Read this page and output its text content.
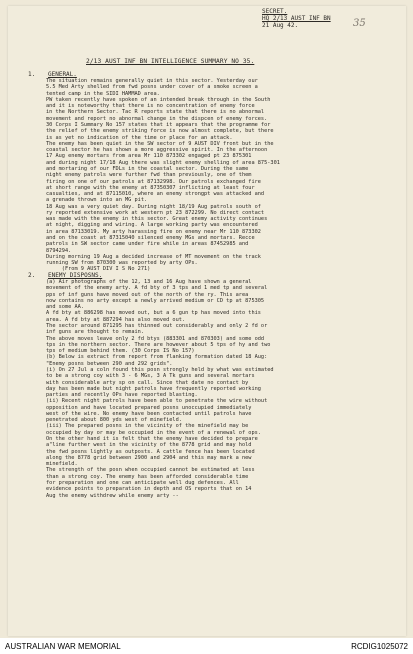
SECRET.
HQ 2/13 AUST INF BN
21 Aug 42.	35
2/13 AUST INF BN INTELLIGENCE SUMMARY NO 35.
1. GENERAL.
The situation remains generally quiet in this sector. Yesterday our
5.5 Med Arty shelled from fwd posns under cover of a smoke screen a
tented camp in the SIDI HAMMAD area.
PW taken recently have spoken of an intended break through in the South
and it is noteworthy that there is no concentration of enemy force
in the Northern Sector. Tac R reports state that there is no abnormal
movement and report no abnormal change in the dispcen of enemy forces.
30 Corps I Summary No 157 states that it appears that the programme for
the relief of the enemy striking force is now almost complete, but there
is as yet no indication of the time or place for an attack.
The enemy has been quiet in the SW sector of 9 AUST DIV front but in the
coastal sector he has shown a more aggressive spirit. In the afternoon
17 Aug enemy mortars from area Mr 110 873302 engaged pt 23 875301
and during night 17/18 Aug there was slight enemy shelling of area 875-301
and mortaring of our FDLs in the coastal sector. During the same
night enemy patrols were further fwd than previously, one of them
firing on one of our patrols at 87132998. Our patrols exchanged fire
at short range with the enemy at 87350307 inflicting at least four
casualties, and at 87115010, where an enemy strongpt was attacked and
a grenade thrown into an MG pit.
18 Aug was a very quiet day. During night 18/19 Aug patrols south of
ry reported extensive work at western pt 23 872299. No direct contact
was made with the enemy in this sector. Great enemy activity continues
at night, digging and wiring. A large working party was encountered
in area 87133019. My arty harassing fire on enemy near Mr 110 873302
and on the coast at 87315040 silenced enemy MGs and mortars. Recce
patrols in SW sector came under fire while in areas 87452985 and
8794294.
During morning 19 Aug a decided increase of MT movement on the track
running SW from 870300 was reported by arty OPs.
(From 9 AUST DIV I S No 271)
2. ENEMY DISPOSNS.
(a) Air photographs of the 12, 13 and 16 Aug have shown a general
movement of the enemy arty. A fd bty of 3 tps and 1 med tp and several
pps of inf guns have moved out of the north of the ry. This area
now contains no arty except a newly arrived medium or CD tp at 875305
and some AA.
A fd bty at 886298 has moved out, but a 6 gun tp has moved into this
area. A fd bty at 887294 has also moved out.
The sector around 871295 has thinned out considerably and only 2 fd or
inf guns are thought to remain.
The above moves leave only 2 fd btys (883301 and 870303) and some odd
tps in the northern sector. There are however about 5 tps of hy and two
tps of medium behind them. (30 Corps IS No 157)
(b) Below is extract from report from flanking formation dated 18 Aug:
"Enemy posns between 290 and 292 grids".
(i) On 27 Jul a coln found this posn strongly held by what was estimated
to be a strong coy with 3 - 6 MGs, 3 A Tk guns and several mortars
with considerable arty sp on call. Since that date no contact by
day has been made but night patrols have frequently reported working
parties and recently OPs have reported blasting.
(ii) Recent night patrols have been able to penetrate the wire without
opposition and have located prepared posns unoccupied immediately
west of the wire. No enemy have been contacted until patrols have
penetrated about 800 yds west of minefield.
(iii) The prepared posns in the vicinity of the minefield may be
occupied by day or may be occupied in the event of a renewal of ops.
On the other hand it is felt that the enemy have decided to prepare
a"line further west in the vicinity of the 8778 grid and may hold
the fwd posns lightly as outposts. A cattle fence has been located
along the 8778 grid between 2900 and 2904 and this may mark a new
minefield.
The strength of the posn when occupied cannot be estimated at less
than a strong coy. The enemy has been afforded considerable time
for preparation and one can anticipate well dug defences. All
evidence points to preparation in depth and OS reports that on 14
Aug the enemy withdrew while enemy arty --
AUSTRALIAN WAR MEMORIAL	RCDIG1025072
